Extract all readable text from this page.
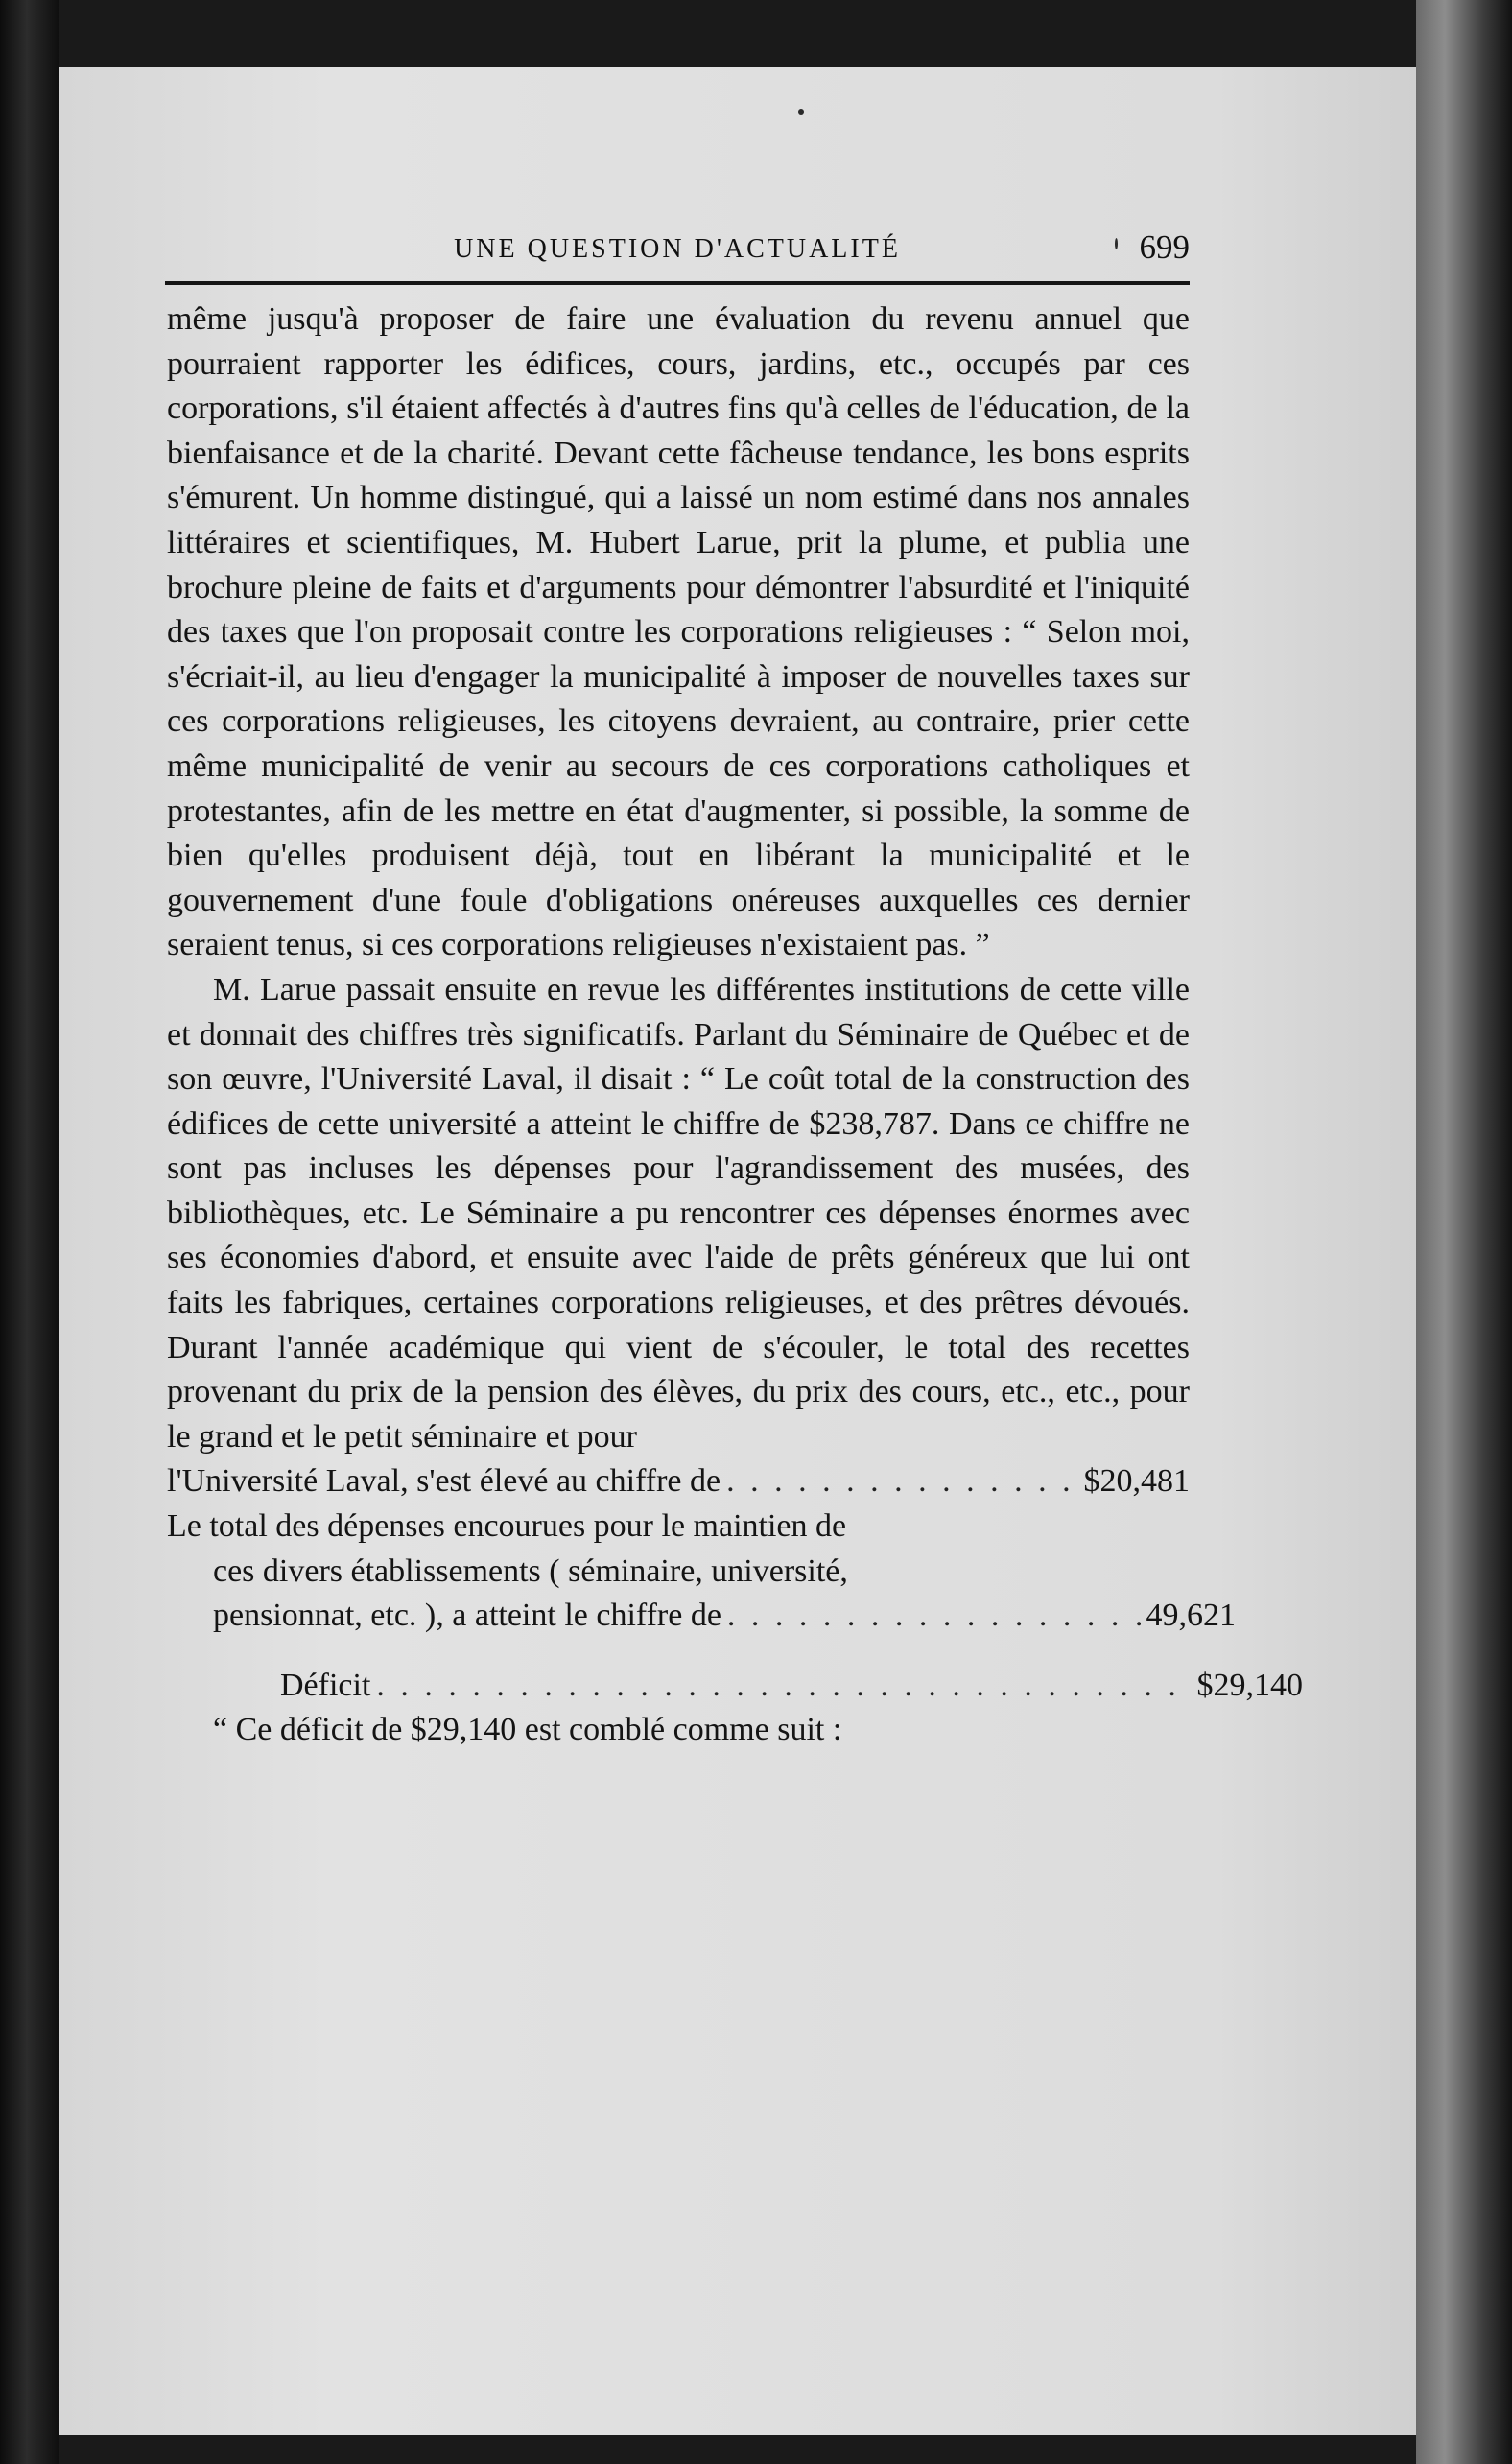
UNE QUESTION D'ACTUALITÉ	699

même jusqu'à proposer de faire une évaluation du revenu annuel que pourraient rapporter les édifices, cours, jardins, etc., occupés par ces corporations, s'il étaient affectés à d'autres fins qu'à celles de l'éducation, de la bienfaisance et de la charité. Devant cette fâcheuse tendance, les bons esprits s'émurent. Un homme distingué, qui a laissé un nom estimé dans nos annales littéraires et scientifiques, M. Hubert Larue, prit la plume, et publia une brochure pleine de faits et d'arguments pour démontrer l'absurdité et l'iniquité des taxes que l'on proposait contre les corporations religieuses : “ Selon moi, s'écriait-il, au lieu d'engager la municipalité à imposer de nouvelles taxes sur ces corporations religieuses, les citoyens devraient, au contraire, prier cette même municipalité de venir au secours de ces corporations catholiques et protestantes, afin de les mettre en état d'augmenter, si possible, la somme de bien qu'elles produisent déjà, tout en libérant la municipalité et le gouvernement d'une foule d'obligations onéreuses auxquelles ces dernier seraient tenus, si ces corporations religieuses n'existaient pas. ”

M. Larue passait ensuite en revue les différentes institutions de cette ville et donnait des chiffres très significatifs. Parlant du Séminaire de Québec et de son œuvre, l'Université Laval, il disait : “ Le coût total de la construction des édifices de cette université a atteint le chiffre de $238,787. Dans ce chiffre ne sont pas incluses les dépenses pour l'agrandissement des musées, des bibliothèques, etc. Le Séminaire a pu rencontrer ces dépenses énormes avec ses économies d'abord, et ensuite avec l'aide de prêts généreux que lui ont faits les fabriques, certaines corporations religieuses, et des prêtres dévoués. Durant l'année académique qui vient de s'écouler, le total des recettes provenant du prix de la pension des élèves, du prix des cours, etc., etc., pour le grand et le petit séminaire et pour

l'Université Laval, s'est élevé au chiffre de . . .	$20,481

Le total des dépenses encourues pour le maintien de

ces divers établissements ( séminaire, université,

pensionnat, etc. ), a atteint le chiffre de . . .	49,621
Déficit . . .	$29,140

“ Ce déficit de $29,140 est comblé comme suit :
